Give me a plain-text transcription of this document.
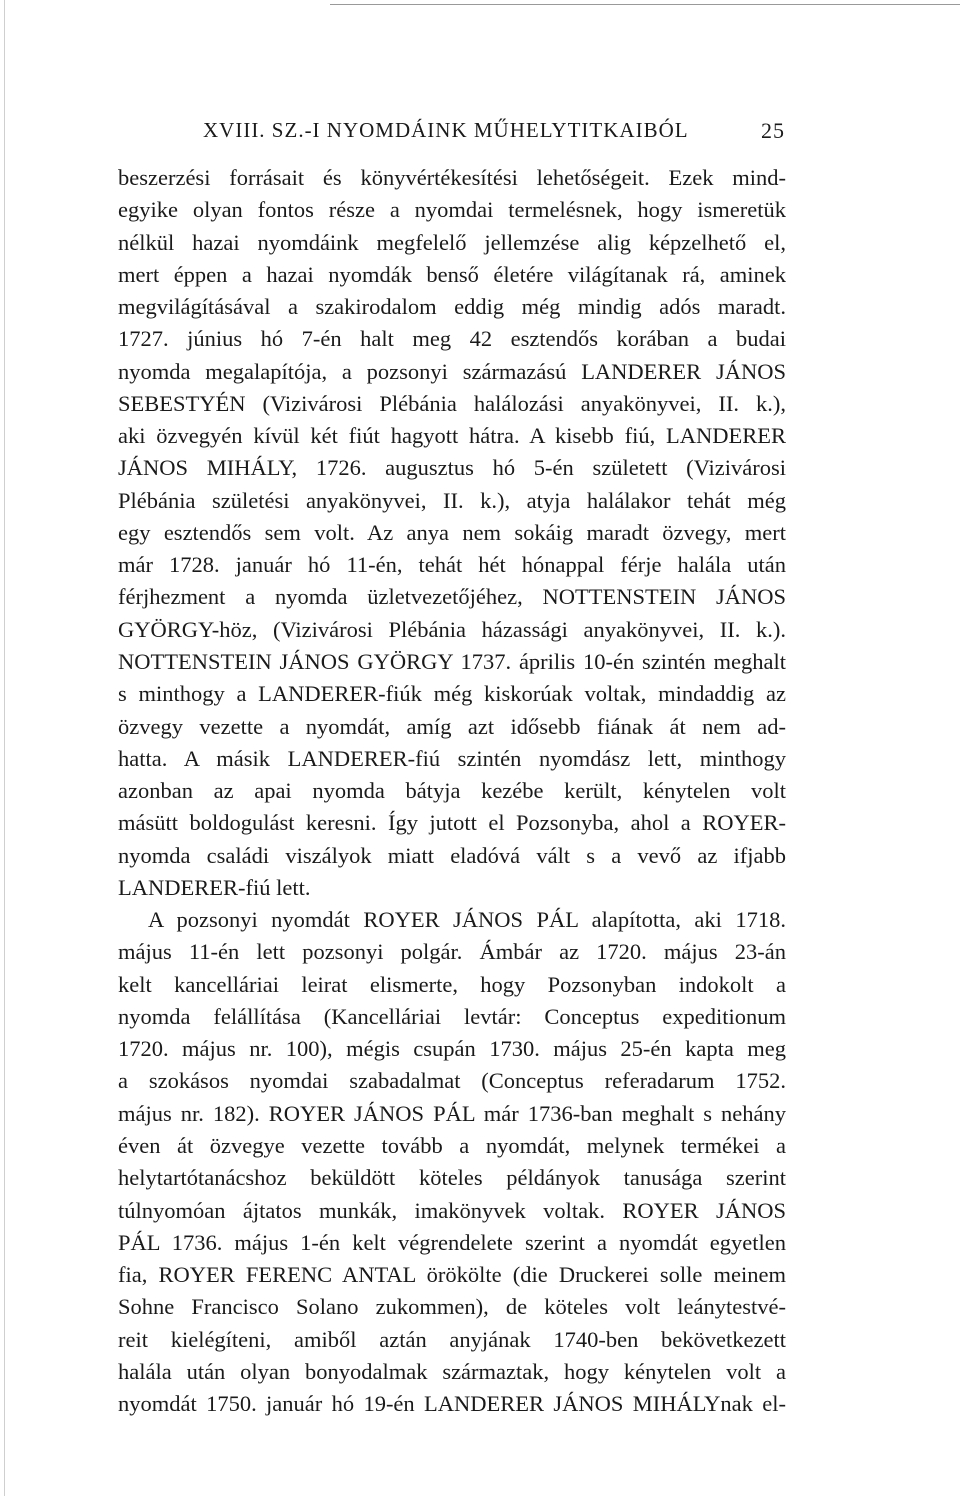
XVIII. SZ.-I NYOMDÁINK MŰHELYTITKAIBÓL	25
beszerzési forrásait és könyvértékesítési lehetőségeit. Ezek mind-
egyike olyan fontos része a nyomdai termelésnek, hogy ismeretük
nélkül hazai nyomdáink megfelelő jellemzése alig képzelhető el,
mert éppen a hazai nyomdák benső életére világítanak rá, aminek
megvilágításával a szakirodalom eddig még mindig adós maradt.
1727. június hó 7-én halt meg 42 esztendős korában a budai
nyomda megalapítója, a pozsonyi származású LANDERER JÁNOS
SEBESTYÉN (Vizivárosi Plébánia halálozási anyakönyvei, II. k.),
aki özvegyén kívül két fiút hagyott hátra. A kisebb fiú, LANDERER
JÁNOS MIHÁLY, 1726. augusztus hó 5-én született (Vizivárosi
Plébánia születési anyakönyvei, II. k.), atyja halálakor tehát még
egy esztendős sem volt. Az anya nem sokáig maradt özvegy, mert
már 1728. január hó 11-én, tehát hét hónappal férje halála után
férjhezment a nyomda üzletvezetőjéhez, NOTTENSTEIN JÁNOS
GYÖRGY-höz, (Vizivárosi Plébánia házassági anyakönyvei, II. k.).
NOTTENSTEIN JÁNOS GYÖRGY 1737. április 10-én szintén meghalt
s minthogy a LANDERER-fiúk még kiskorúak voltak, mindaddig az
özvegy vezette a nyomdát, amíg azt idősebb fiának át nem ad-
hatta. A másik LANDERER-fiú szintén nyomdász lett, minthogy
azonban az apai nyomda bátyja kezébe került, kénytelen volt
másütt boldogulást keresni. Így jutott el Pozsonyba, ahol a ROYER-
nyomda családi viszályok miatt eladóvá vált s a vevő az ifjabb
LANDERER-fiú lett.
A pozsonyi nyomdát ROYER JÁNOS PÁL alapította, aki 1718.
május 11-én lett pozsonyi polgár. Ámbár az 1720. május 23-án
kelt kancelláriai leirat elismerte, hogy Pozsonyban indokolt a
nyomda felállítása (Kancelláriai levtár: Conceptus expeditionum
1720. május nr. 100), mégis csupán 1730. május 25-én kapta meg
a szokásos nyomdai szabadalmat (Conceptus referadarum 1752.
május nr. 182). ROYER JÁNOS PÁL már 1736-ban meghalt s nehány
éven át özvegye vezette tovább a nyomdát, melynek termékei a
helytartótanácshoz beküldött köteles példányok tanusága szerint
túlnyomóan ájtatos munkák, imakönyvek voltak. ROYER JÁNOS
PÁL 1736. május 1-én kelt végrendelete szerint a nyomdát egyetlen
fia, ROYER FERENC ANTAL örökölte (die Druckerei solle meinem
Sohne Francisco Solano zukommen), de köteles volt leánytestvé-
reit kielégíteni, amiből aztán anyjának 1740-ben bekövetkezett
halála után olyan bonyodalmak származtak, hogy kénytelen volt a
nyomdát 1750. január hó 19-én LANDERER JÁNOS MIHÁLYnak el-
